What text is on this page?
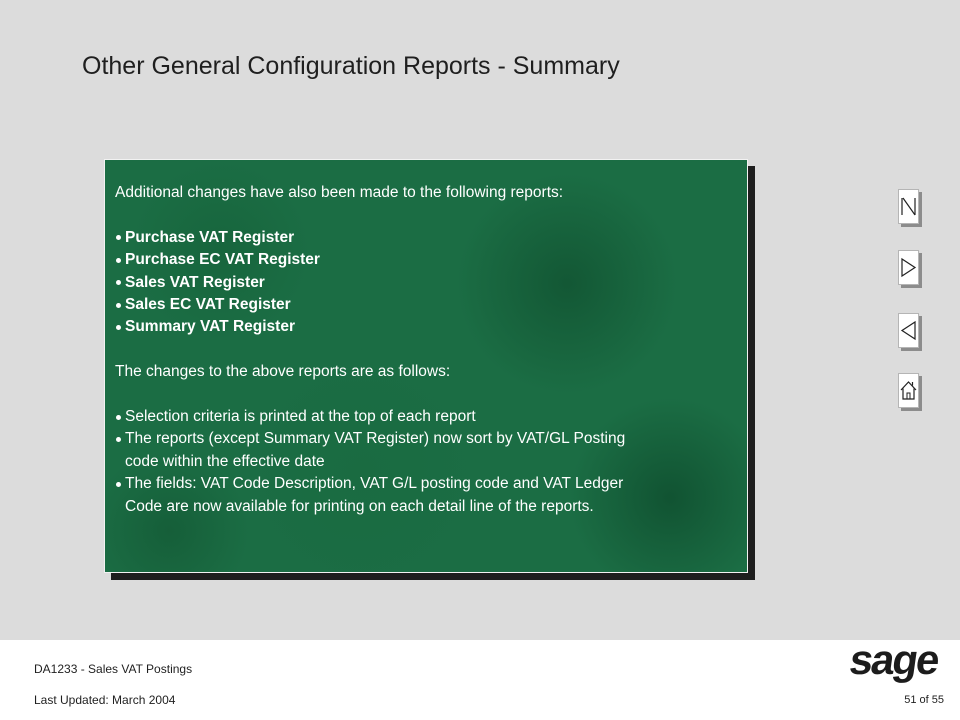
Other General Configuration Reports - Summary

Additional changes have also been made to the following reports:

Purchase VAT Register
Purchase EC VAT Register
Sales VAT Register
Sales EC VAT Register
Summary VAT Register

The changes to the above reports are as follows:

Selection criteria is printed at the top of each report
The reports (except Summary VAT Register) now sort by VAT/GL Posting
code within the effective date
The fields: VAT Code Description, VAT G/L posting code and VAT Ledger
Code are now available for printing on each detail line of the reports.
DA1233 - Sales VAT Postings
Last Updated: March 2004
sage
51 of 55
